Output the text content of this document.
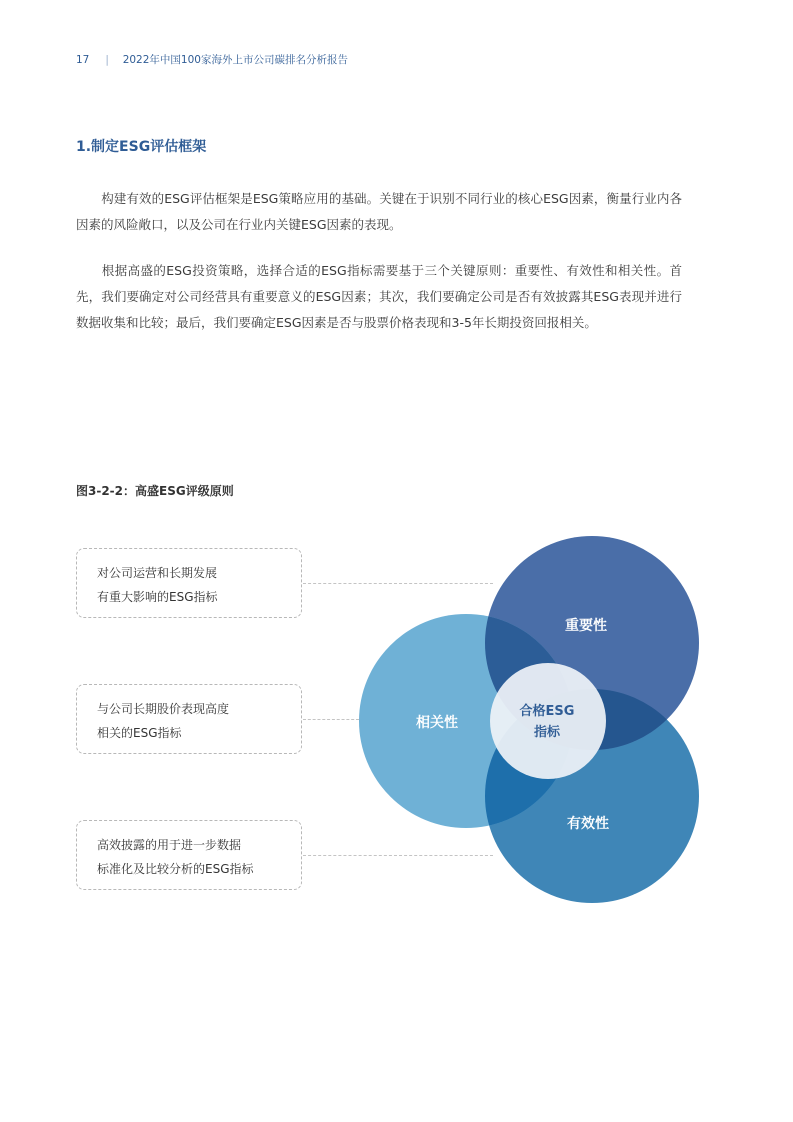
17 | 2022年中国100家海外上市公司碳排名分析报告
1.制定ESG评估框架

　　构建有效的ESG评估框架是ESG策略应用的基础。关键在于识别不同行业的核心ESG因素，衡量行业内各因素的风险敞口，以及公司在行业内关键ESG因素的表现。

　　根据高盛的ESG投资策略，选择合适的ESG指标需要基于三个关键原则：重要性、有效性和相关性。首先，我们要确定对公司经营具有重要意义的ESG因素；其次，我们要确定公司是否有效披露其ESG表现并进行数据收集和比较；最后，我们要确定ESG因素是否与股票价格表现和3-5年长期投资回报相关。

图3-2-2：高盛ESG评级原则
对公司运营和长期发展
有重大影响的ESG指标
与公司长期股价表现高度
相关的ESG指标
高效披露的用于进一步数据
标准化及比较分析的ESG指标
重要性
相关性
有效性
合格ESG
指标
